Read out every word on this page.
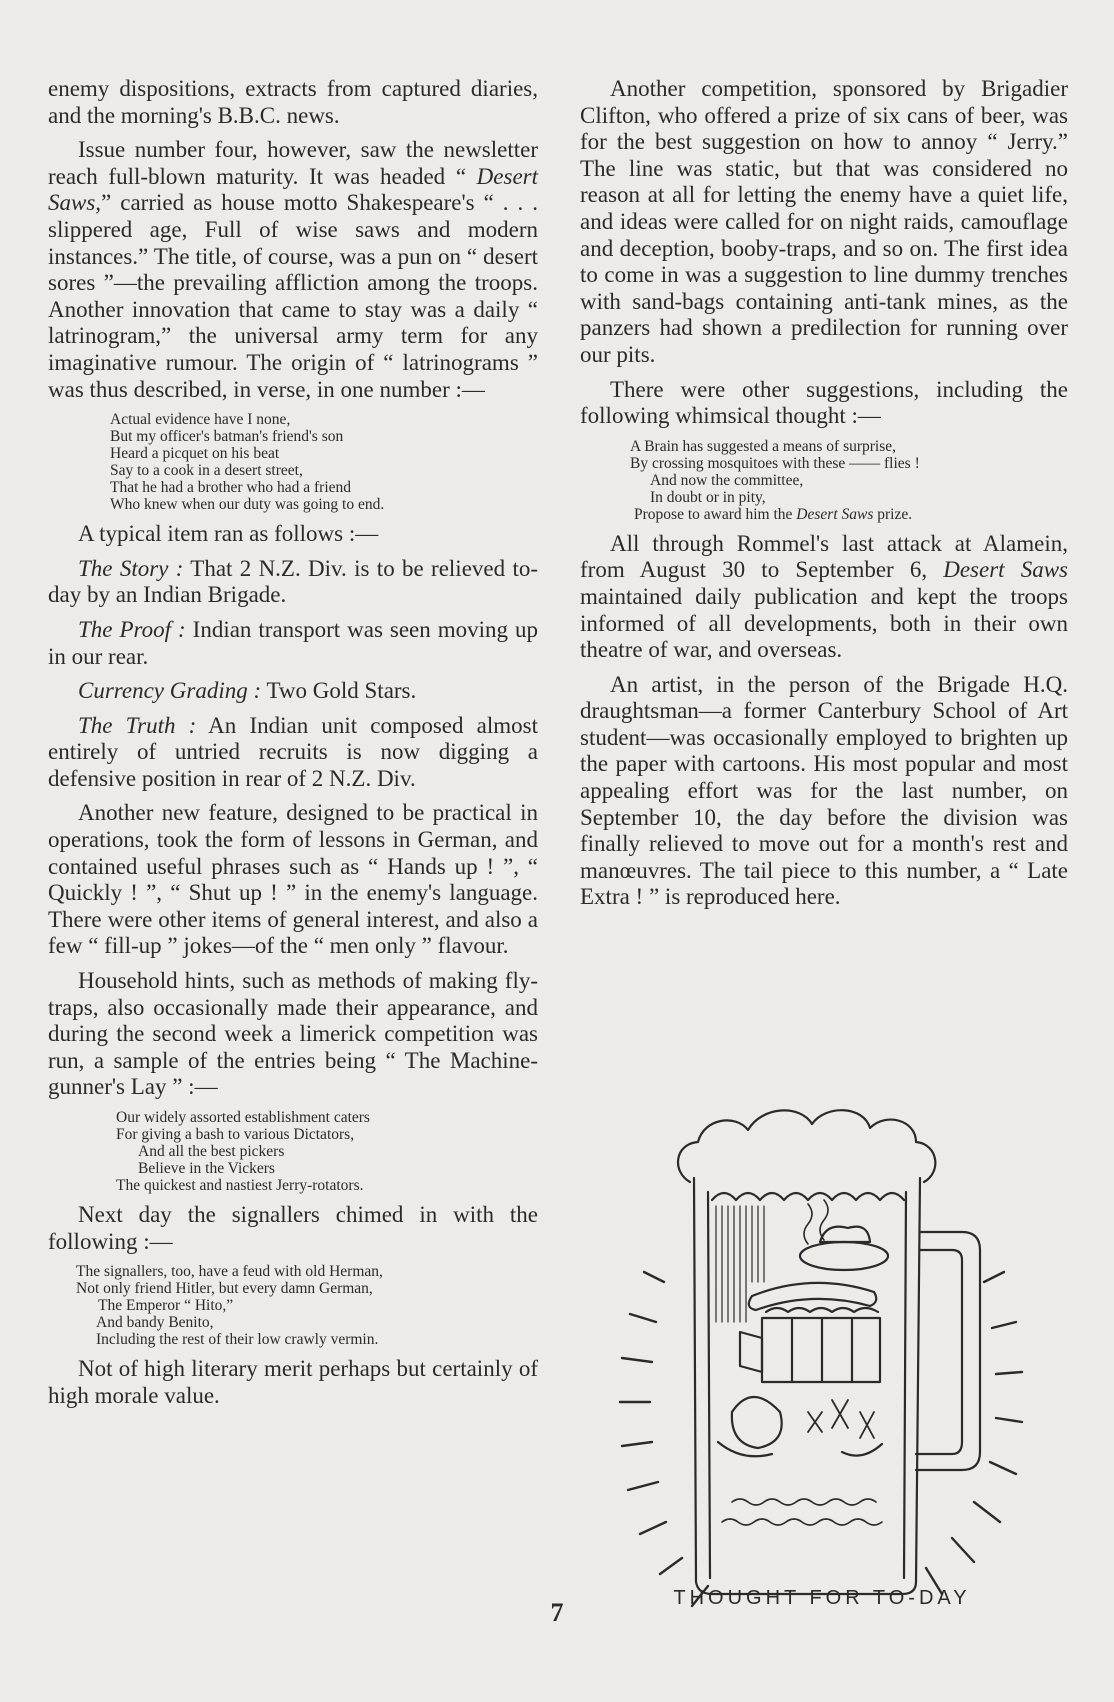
enemy dispositions, extracts from captured diaries, and the morning's B.B.C. news.

Issue number four, however, saw the newsletter reach full-blown maturity. It was headed “ Desert Saws,” carried as house motto Shakespeare's “ . . . slippered age, Full of wise saws and modern instances.” The title, of course, was a pun on “ desert sores ”—the prevailing affliction among the troops. Another innovation that came to stay was a daily “ latrinogram,” the universal army term for any imaginative rumour. The origin of “ latrinograms ” was thus described, in verse, in one number :—

Actual evidence have I none,
But my officer's batman's friend's son
Heard a picquet on his beat
Say to a cook in a desert street,
That he had a brother who had a friend
Who knew when our duty was going to end.

A typical item ran as follows :—

The Story : That 2 N.Z. Div. is to be relieved to-day by an Indian Brigade.

The Proof : Indian transport was seen moving up in our rear.

Currency Grading : Two Gold Stars.

The Truth : An Indian unit composed almost entirely of untried recruits is now digging a defensive position in rear of 2 N.Z. Div.

Another new feature, designed to be practical in operations, took the form of lessons in German, and contained useful phrases such as “ Hands up ! ”, “ Quickly ! ”, “ Shut up ! ” in the enemy's language. There were other items of general interest, and also a few “ fill-up ” jokes—of the “ men only ” flavour.

Household hints, such as methods of making fly-traps, also occasionally made their appearance, and during the second week a limerick competition was run, a sample of the entries being “ The Machine-gunner's Lay ” :—

Our widely assorted establishment caters
For giving a bash to various Dictators,
And all the best pickers
Believe in the Vickers
The quickest and nastiest Jerry-rotators.

Next day the signallers chimed in with the following :—

The signallers, too, have a feud with old Herman,
Not only friend Hitler, but every damn German,
The Emperor “ Hito,”
And bandy Benito,
Including the rest of their low crawly vermin.

Not of high literary merit perhaps but certainly of high morale value.

Another competition, sponsored by Brigadier Clifton, who offered a prize of six cans of beer, was for the best suggestion on how to annoy “ Jerry.” The line was static, but that was considered no reason at all for letting the enemy have a quiet life, and ideas were called for on night raids, camouflage and deception, booby-traps, and so on. The first idea to come in was a suggestion to line dummy trenches with sand-bags containing anti-tank mines, as the panzers had shown a predilection for running over our pits.

There were other suggestions, including the following whimsical thought :—

A Brain has suggested a means of surprise,
By crossing mosquitoes with these —— flies !
And now the committee,
In doubt or in pity,
Propose to award him the Desert Saws prize.

All through Rommel's last attack at Alamein, from August 30 to September 6, Desert Saws maintained daily publication and kept the troops informed of all developments, both in their own theatre of war, and overseas.

An artist, in the person of the Brigade H.Q. draughtsman—a former Canterbury School of Art student—was occasionally employed to brighten up the paper with cartoons. His most popular and most appealing effort was for the last number, on September 10, the day before the division was finally relieved to move out for a month's rest and manœuvres. The tail piece to this number, a “ Late Extra ! ” is reproduced here.

THOUGHT FOR TO-DAY
7
